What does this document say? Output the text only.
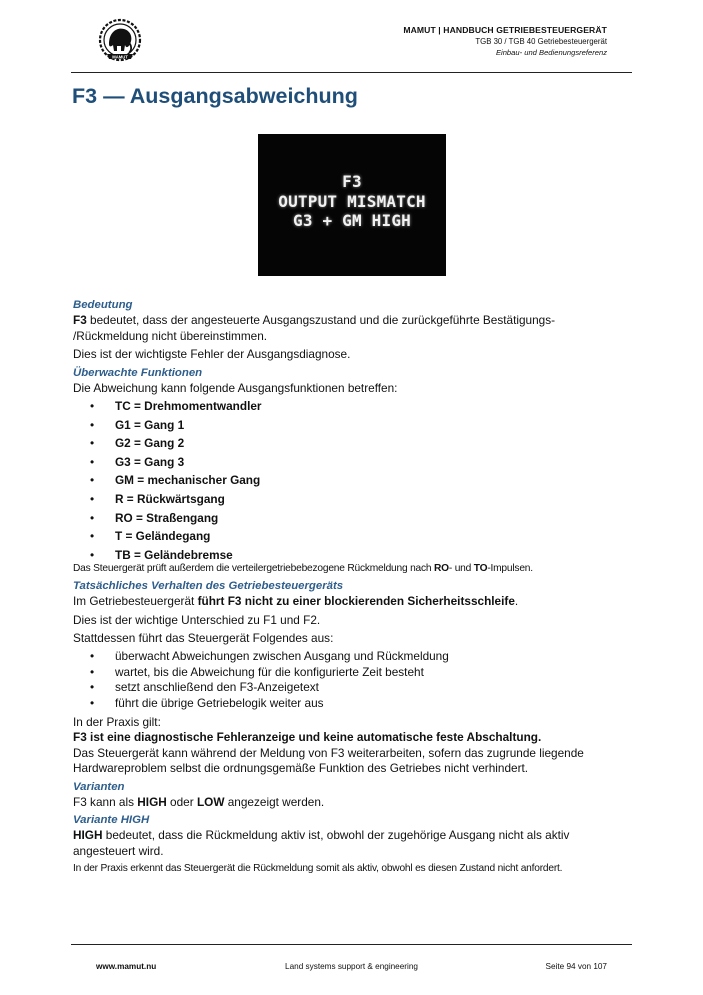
MAMUT
MAMUT | HANDBUCH GETRIEBESTEUERGERÄT
TGB 30 / TGB 40 Getriebesteuergerät
Einbau- und Bedienungsreferenz
F3 — Ausgangsabweichung
F3
OUTPUT MISMATCH
G3 + GM HIGH
Bedeutung

F3 bedeutet, dass der angesteuerte Ausgangszustand und die zurückgeführte Bestätigungs- /Rückmeldung nicht übereinstimmen.

Dies ist der wichtigste Fehler der Ausgangsdiagnose.

Überwachte Funktionen

Die Abweichung kann folgende Ausgangsfunktionen betreffen:

• TC = Drehmomentwandler
• G1 = Gang 1
• G2 = Gang 2
• G3 = Gang 3
• GM = mechanischer Gang
• R = Rückwärtsgang
• RO = Straßengang
• T = Geländegang
• TB = Geländebremse

Das Steuergerät prüft außerdem die verteilergetriebebezogene Rückmeldung nach RO- und TO-Impulsen.

Tatsächliches Verhalten des Getriebesteuergeräts

Im Getriebesteuergerät führt F3 nicht zu einer blockierenden Sicherheitsschleife.

Dies ist der wichtige Unterschied zu F1 und F2.

Stattdessen führt das Steuergerät Folgendes aus:

• überwacht Abweichungen zwischen Ausgang und Rückmeldung
• wartet, bis die Abweichung für die konfigurierte Zeit besteht
• setzt anschließend den F3-Anzeigetext
• führt die übrige Getriebelogik weiter aus

In der Praxis gilt:

F3 ist eine diagnostische Fehleranzeige und keine automatische feste Abschaltung.

Das Steuergerät kann während der Meldung von F3 weiterarbeiten, sofern das zugrunde liegende Hardwareproblem selbst die ordnungsgemäße Funktion des Getriebes nicht verhindert.

Varianten

F3 kann als HIGH oder LOW angezeigt werden.

Variante HIGH

HIGH bedeutet, dass die Rückmeldung aktiv ist, obwohl der zugehörige Ausgang nicht als aktiv angesteuert wird.

In der Praxis erkennt das Steuergerät die Rückmeldung somit als aktiv, obwohl es diesen Zustand nicht anfordert.

www.mamut.nu	Land systems support & engineering	Seite 94 von 107
